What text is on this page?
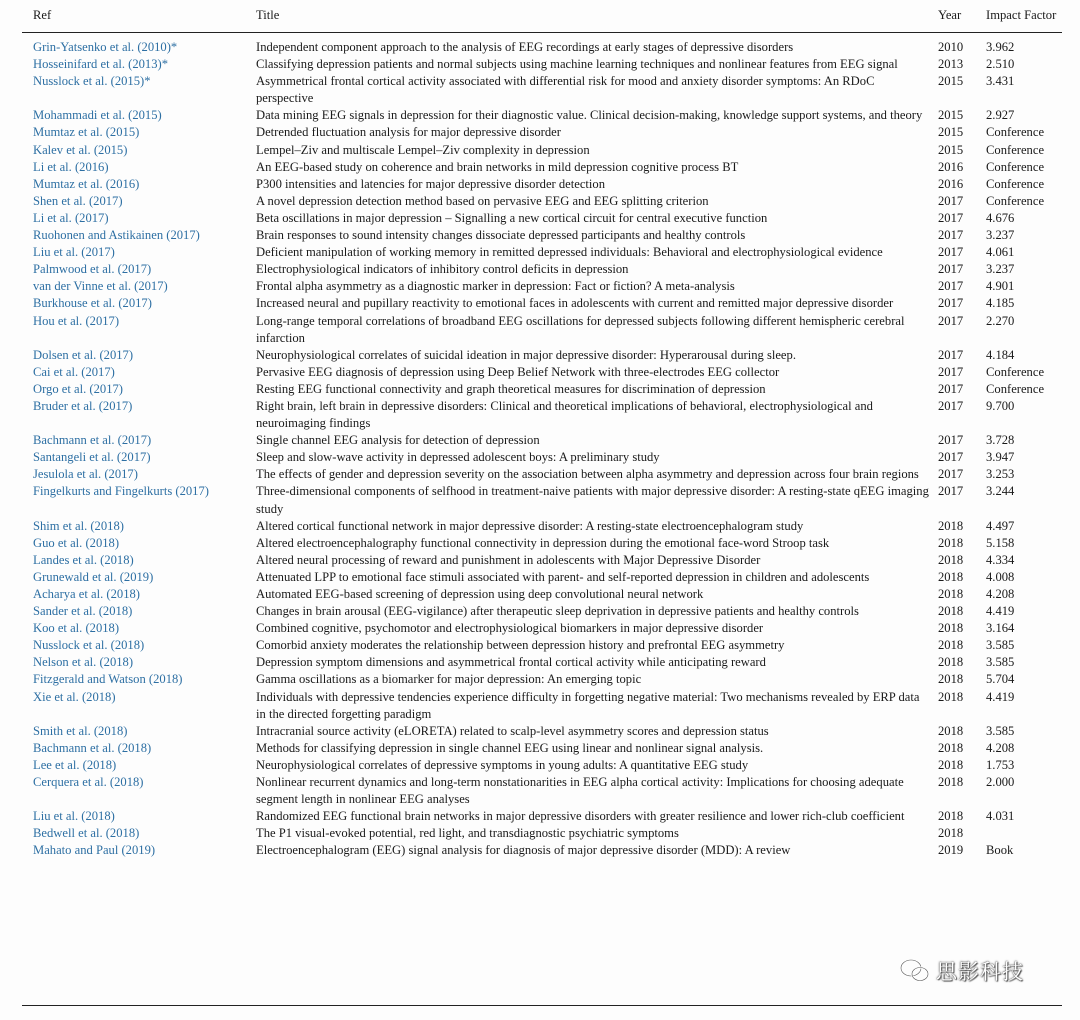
Ref	Title	Year	Impact Factor
Grin-Yatsenko et al. (2010)*	Independent component approach to the analysis of EEG recordings at early stages of depressive disorders	2010	3.962
Hosseinifard et al. (2013)*	Classifying depression patients and normal subjects using machine learning techniques and nonlinear features from EEG signal	2013	2.510
Nusslock et al. (2015)*	Asymmetrical frontal cortical activity associated with differential risk for mood and anxiety disorder symptoms: An RDoC perspective	2015	3.431
Mohammadi et al. (2015)	Data mining EEG signals in depression for their diagnostic value. Clinical decision-making, knowledge support systems, and theory	2015	2.927
Mumtaz et al. (2015)	Detrended fluctuation analysis for major depressive disorder	2015	Conference
Kalev et al. (2015)	Lempel–Ziv and multiscale Lempel–Ziv complexity in depression	2015	Conference
Li et al. (2016)	An EEG-based study on coherence and brain networks in mild depression cognitive process BT	2016	Conference
Mumtaz et al. (2016)	P300 intensities and latencies for major depressive disorder detection	2016	Conference
Shen et al. (2017)	A novel depression detection method based on pervasive EEG and EEG splitting criterion	2017	Conference
Li et al. (2017)	Beta oscillations in major depression – Signalling a new cortical circuit for central executive function	2017	4.676
Ruohonen and Astikainen (2017)	Brain responses to sound intensity changes dissociate depressed participants and healthy controls	2017	3.237
Liu et al. (2017)	Deficient manipulation of working memory in remitted depressed individuals: Behavioral and electrophysiological evidence	2017	4.061
Palmwood et al. (2017)	Electrophysiological indicators of inhibitory control deficits in depression	2017	3.237
van der Vinne et al. (2017)	Frontal alpha asymmetry as a diagnostic marker in depression: Fact or fiction? A meta-analysis	2017	4.901
Burkhouse et al. (2017)	Increased neural and pupillary reactivity to emotional faces in adolescents with current and remitted major depressive disorder	2017	4.185
Hou et al. (2017)	Long-range temporal correlations of broadband EEG oscillations for depressed subjects following different hemispheric cerebral infarction	2017	2.270
Dolsen et al. (2017)	Neurophysiological correlates of suicidal ideation in major depressive disorder: Hyperarousal during sleep.	2017	4.184
Cai et al. (2017)	Pervasive EEG diagnosis of depression using Deep Belief Network with three-electrodes EEG collector	2017	Conference
Orgo et al. (2017)	Resting EEG functional connectivity and graph theoretical measures for discrimination of depression	2017	Conference
Bruder et al. (2017)	Right brain, left brain in depressive disorders: Clinical and theoretical implications of behavioral, electrophysiological and neuroimaging findings	2017	9.700
Bachmann et al. (2017)	Single channel EEG analysis for detection of depression	2017	3.728
Santangeli et al. (2017)	Sleep and slow-wave activity in depressed adolescent boys: A preliminary study	2017	3.947
Jesulola et al. (2017)	The effects of gender and depression severity on the association between alpha asymmetry and depression across four brain regions	2017	3.253
Fingelkurts and Fingelkurts (2017)	Three-dimensional components of selfhood in treatment-naive patients with major depressive disorder: A resting-state qEEG imaging study	2017	3.244
Shim et al. (2018)	Altered cortical functional network in major depressive disorder: A resting-state electroencephalogram study	2018	4.497
Guo et al. (2018)	Altered electroencephalography functional connectivity in depression during the emotional face-word Stroop task	2018	5.158
Landes et al. (2018)	Altered neural processing of reward and punishment in adolescents with Major Depressive Disorder	2018	4.334
Grunewald et al. (2019)	Attenuated LPP to emotional face stimuli associated with parent- and self-reported depression in children and adolescents	2018	4.008
Acharya et al. (2018)	Automated EEG-based screening of depression using deep convolutional neural network	2018	4.208
Sander et al. (2018)	Changes in brain arousal (EEG-vigilance) after therapeutic sleep deprivation in depressive patients and healthy controls	2018	4.419
Koo et al. (2018)	Combined cognitive, psychomotor and electrophysiological biomarkers in major depressive disorder	2018	3.164
Nusslock et al. (2018)	Comorbid anxiety moderates the relationship between depression history and prefrontal EEG asymmetry	2018	3.585
Nelson et al. (2018)	Depression symptom dimensions and asymmetrical frontal cortical activity while anticipating reward	2018	3.585
Fitzgerald and Watson (2018)	Gamma oscillations as a biomarker for major depression: An emerging topic	2018	5.704
Xie et al. (2018)	Individuals with depressive tendencies experience difficulty in forgetting negative material: Two mechanisms revealed by ERP data in the directed forgetting paradigm	2018	4.419
Smith et al. (2018)	Intracranial source activity (eLORETA) related to scalp-level asymmetry scores and depression status	2018	3.585
Bachmann et al. (2018)	Methods for classifying depression in single channel EEG using linear and nonlinear signal analysis.	2018	4.208
Lee et al. (2018)	Neurophysiological correlates of depressive symptoms in young adults: A quantitative EEG study	2018	1.753
Cerquera et al. (2018)	Nonlinear recurrent dynamics and long-term nonstationarities in EEG alpha cortical activity: Implications for choosing adequate segment length in nonlinear EEG analyses	2018	2.000
Liu et al. (2018)	Randomized EEG functional brain networks in major depressive disorders with greater resilience and lower rich-club coefficient	2018	4.031
Bedwell et al. (2018)	The P1 visual-evoked potential, red light, and transdiagnostic psychiatric symptoms	2018	
Mahato and Paul (2019)	Electroencephalogram (EEG) signal analysis for diagnosis of major depressive disorder (MDD): A review	2019	Book
思影科技
